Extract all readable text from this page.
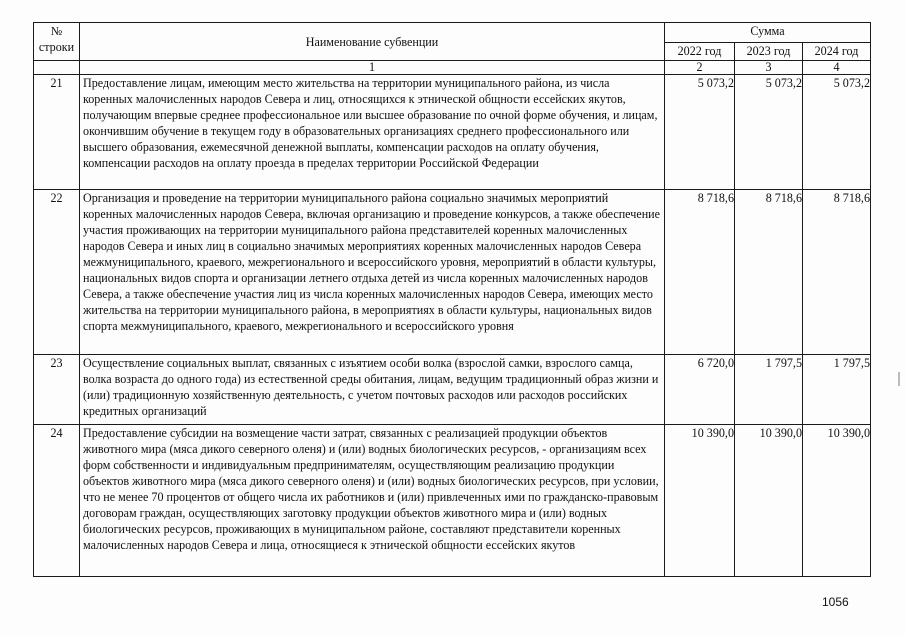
№
строки	Наименование субвенции	Сумма		
		2022 год	2023 год	2024 год
	1	2	3	4
21	Предоставление лицам, имеющим место жительства на территории муниципального района, из числа коренных малочисленных народов Севера и лиц, относящихся к этнической общности ессейских якутов, получающим впервые среднее профессиональное или высшее образование по очной форме обучения, и лицам, окончившим обучение в текущем году в образовательных организациях среднего профессионального или высшего образования, ежемесячной денежной выплаты, компенсации расходов на оплату обучения, компенсации расходов на оплату проезда в пределах территории Российской Федерации	5 073,2	5 073,2	5 073,2
22	Организация и проведение на территории муниципального района социально значимых мероприятий коренных малочисленных народов Севера, включая организацию и проведение конкурсов, а также обеспечение участия проживающих на территории муниципального района представителей коренных малочисленных народов Севера и иных лиц в социально значимых мероприятиях коренных малочисленных народов Севера межмуниципального, краевого, межрегионального и всероссийского уровня, мероприятий в области культуры, национальных видов спорта и организации летнего отдыха детей из числа коренных малочисленных народов Севера, а также обеспечение участия лиц из числа коренных малочисленных народов Севера, имеющих место жительства на территории муниципального района, в мероприятиях в области культуры, национальных видов спорта межмуниципального, краевого, межрегионального и всероссийского уровня	8 718,6	8 718,6	8 718,6
23	Осуществление социальных выплат, связанных с изъятием особи волка (взрослой самки, взрослого самца, волка возраста до одного года) из естественной среды обитания, лицам, ведущим традиционный образ жизни и (или) традиционную хозяйственную деятельность, с учетом почтовых расходов или расходов российских кредитных организаций	6 720,0	1 797,5	1 797,5
24	Предоставление субсидии на возмещение части затрат, связанных с реализацией продукции объектов животного мира (мяса дикого северного оленя) и (или) водных биологических ресурсов, - организациям всех форм собственности и индивидуальным предпринимателям, осуществляющим реализацию продукции объектов животного мира (мяса дикого северного оленя) и (или) водных биологических ресурсов, при условии, что не менее 70 процентов от общего числа их работников и (или) привлеченных ими по гражданско-правовым договорам граждан, осуществляющих заготовку продукции объектов животного мира и (или) водных биологических ресурсов, проживающих в муниципальном районе, составляют представители коренных малочисленных народов Севера и лица, относящиеся к этнической общности ессейских якутов	10 390,0	10 390,0	10 390,0
1056
